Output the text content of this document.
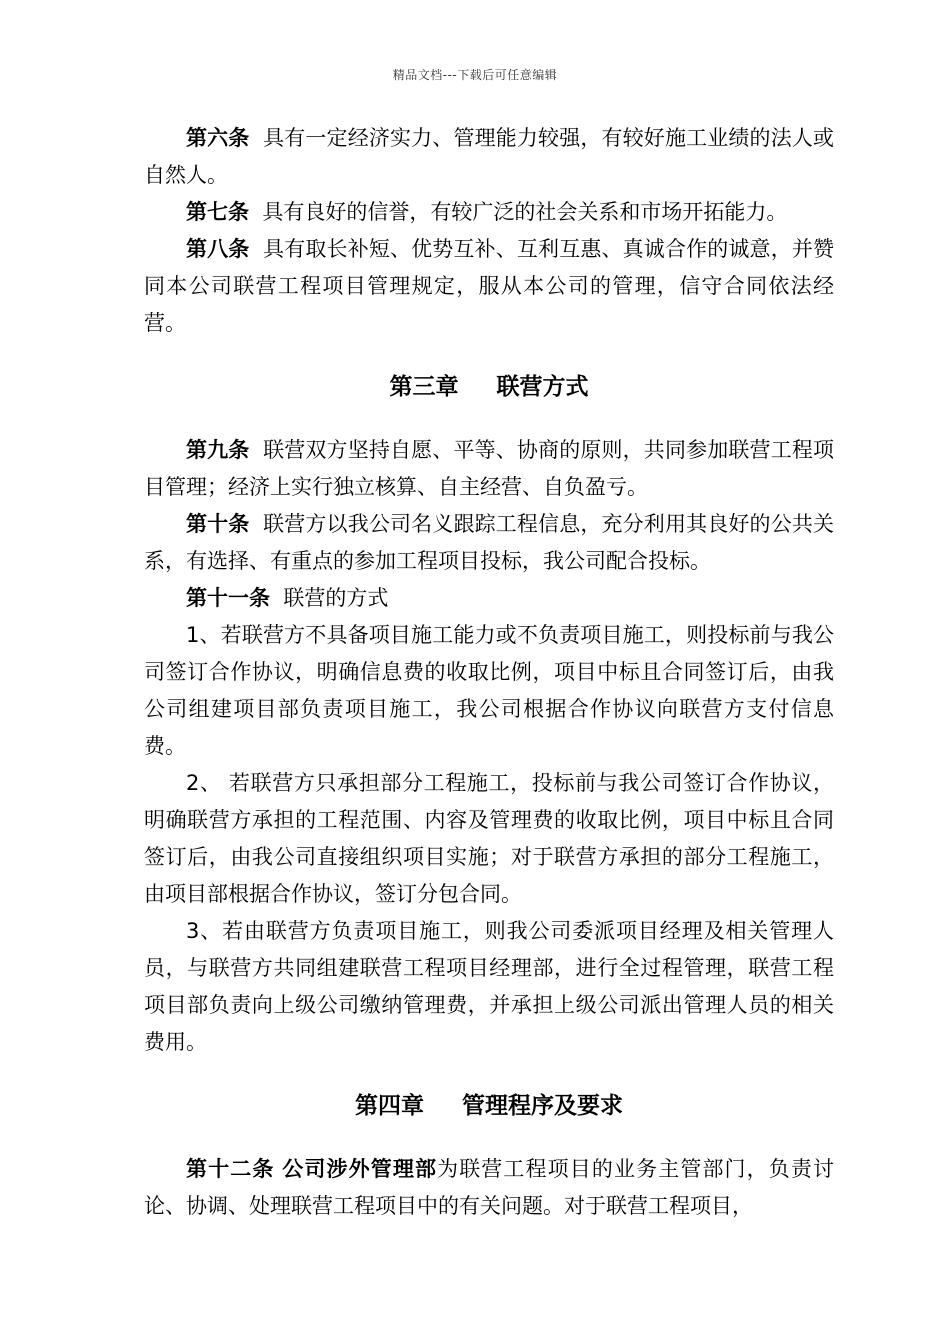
精品文档---下载后可任意编辑

第六条 具有一定经济实力、管理能力较强，有较好施工业绩的法人或自然人。

第七条 具有良好的信誉，有较广泛的社会关系和市场开拓能力。

第八条 具有取长补短、优势互补、互利互惠、真诚合作的诚意，并赞同本公司联营工程项目管理规定，服从本公司的管理，信守合同依法经营。

第三章 联营方式

第九条 联营双方坚持自愿、平等、协商的原则，共同参加联营工程项目管理；经济上实行独立核算、自主经营、自负盈亏。

第十条 联营方以我公司名义跟踪工程信息，充分利用其良好的公共关系，有选择、有重点的参加工程项目投标，我公司配合投标。

第十一条 联营的方式

1、若联营方不具备项目施工能力或不负责项目施工，则投标前与我公司签订合作协议，明确信息费的收取比例，项目中标且合同签订后，由我公司组建项目部负责项目施工，我公司根据合作协议向联营方支付信息费。

2、 若联营方只承担部分工程施工，投标前与我公司签订合作协议，明确联营方承担的工程范围、内容及管理费的收取比例，项目中标且合同签订后，由我公司直接组织项目实施；对于联营方承担的部分工程施工，由项目部根据合作协议，签订分包合同。

3、若由联营方负责项目施工，则我公司委派项目经理及相关管理人员，与联营方共同组建联营工程项目经理部，进行全过程管理，联营工程项目部负责向上级公司缴纳管理费，并承担上级公司派出管理人员的相关费用。

第四章 管理程序及要求

第十二条 公司涉外管理部为联营工程项目的业务主管部门，负责讨论、协调、处理联营工程项目中的有关问题。对于联营工程项目，
